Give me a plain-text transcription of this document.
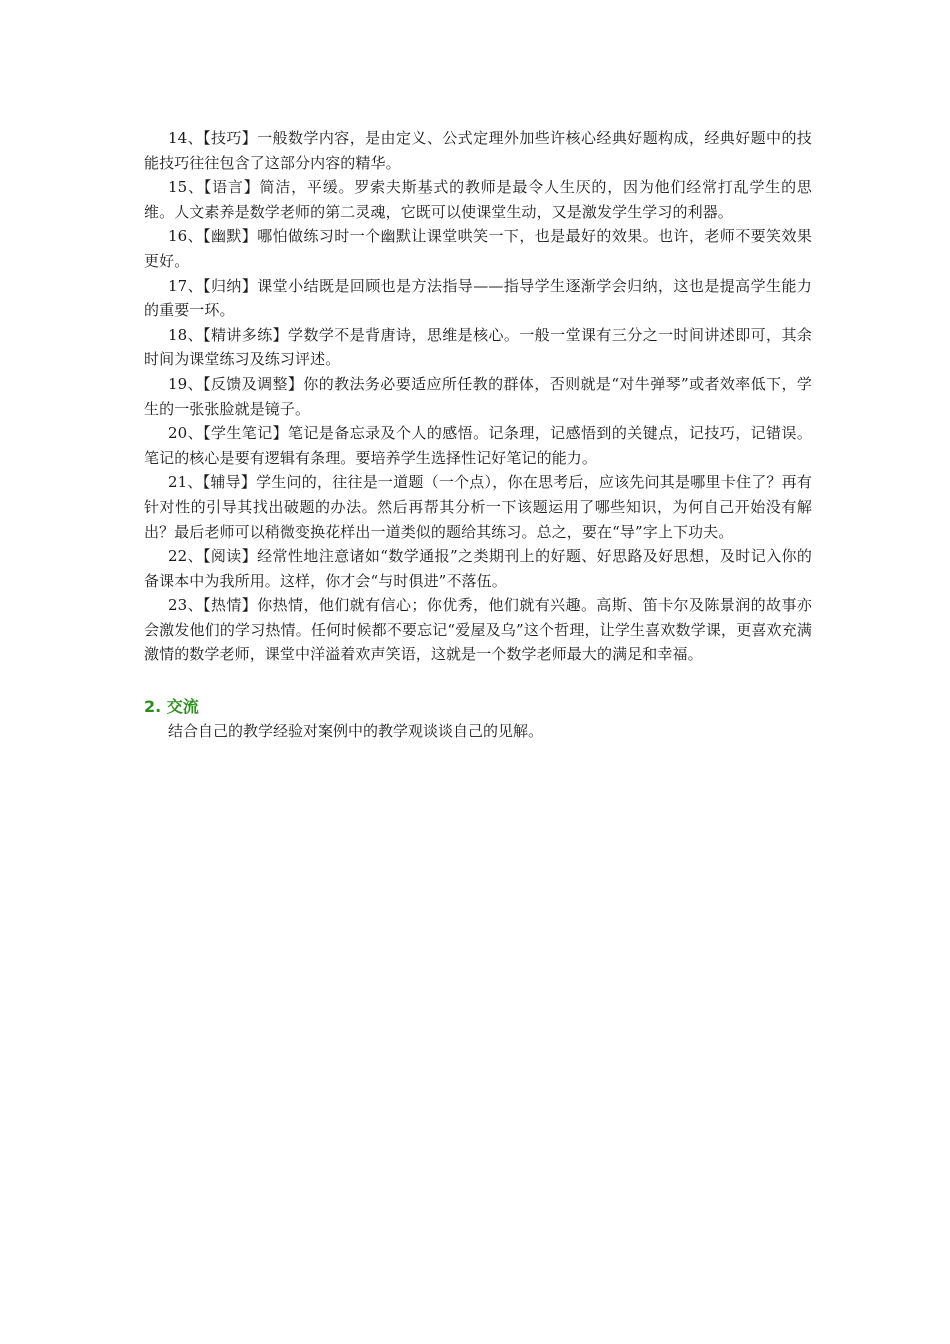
14、【技巧】一般数学内容，是由定义、公式定理外加些许核心经典好题构成，经典好题中的技能技巧往往包含了这部分内容的精华。

15、【语言】简洁，平缓。罗索夫斯基式的教师是最令人生厌的，因为他们经常打乱学生的思维。人文素养是数学老师的第二灵魂，它既可以使课堂生动，又是激发学生学习的利器。

16、【幽默】哪怕做练习时一个幽默让课堂哄笑一下，也是最好的效果。也许，老师不要笑效果更好。

17、【归纳】课堂小结既是回顾也是方法指导——指导学生逐渐学会归纳，这也是提高学生能力的重要一环。

18、【精讲多练】学数学不是背唐诗，思维是核心。一般一堂课有三分之一时间讲述即可，其余时间为课堂练习及练习评述。

19、【反馈及调整】你的教法务必要适应所任教的群体，否则就是“对牛弹琴”或者效率低下，学生的一张张脸就是镜子。

20、【学生笔记】笔记是备忘录及个人的感悟。记条理，记感悟到的关键点，记技巧，记错误。笔记的核心是要有逻辑有条理。要培养学生选择性记好笔记的能力。

21、【辅导】学生问的，往往是一道题（一个点），你在思考后，应该先问其是哪里卡住了？再有针对性的引导其找出破题的办法。然后再帮其分析一下该题运用了哪些知识，为何自己开始没有解出？最后老师可以稍微变换花样出一道类似的题给其练习。总之，要在“导”字上下功夫。

22、【阅读】经常性地注意诸如“数学通报”之类期刊上的好题、好思路及好思想，及时记入你的备课本中为我所用。这样，你才会“与时俱进”不落伍。

23、【热情】你热情，他们就有信心；你优秀，他们就有兴趣。高斯、笛卡尔及陈景润的故事亦会激发他们的学习热情。任何时候都不要忘记“爱屋及乌”这个哲理，让学生喜欢数学课，更喜欢充满激情的数学老师，课堂中洋溢着欢声笑语，这就是一个数学老师最大的满足和幸福。

2. 交流

结合自己的教学经验对案例中的教学观谈谈自己的见解。
